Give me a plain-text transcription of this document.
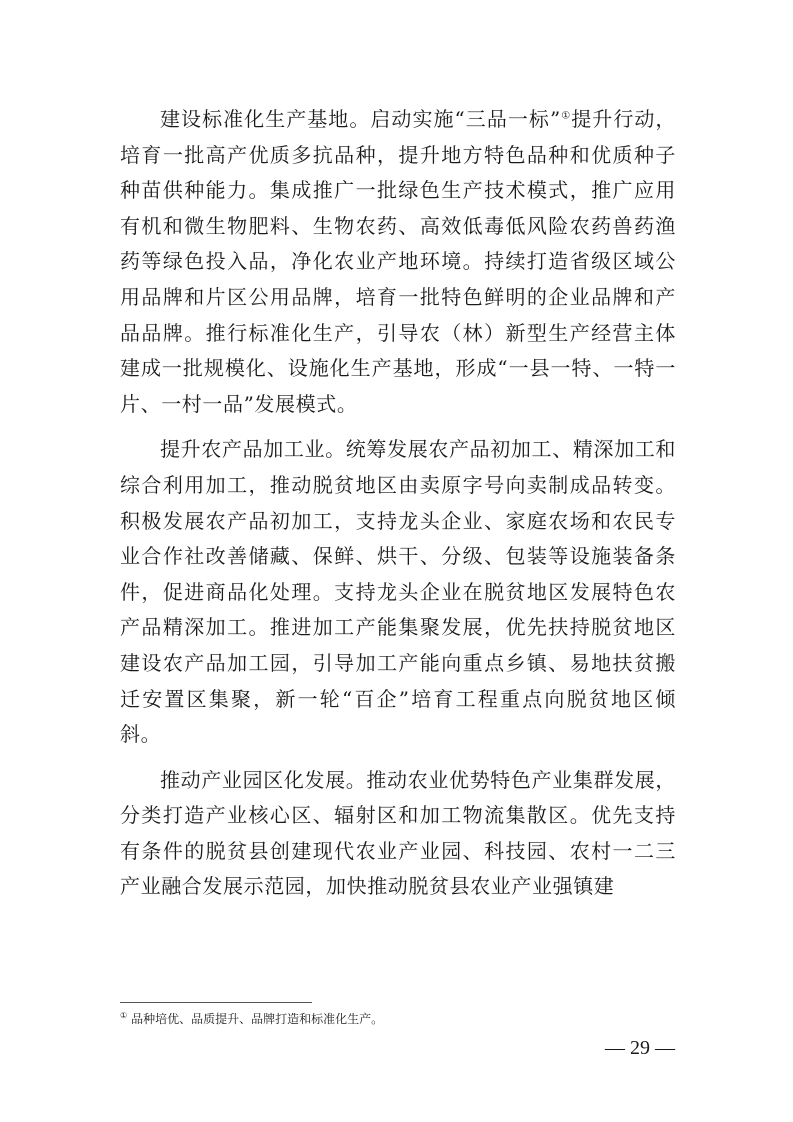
建设标准化生产基地。启动实施“三品一标”①提升行动，培育一批高产优质多抗品种，提升地方特色品种和优质种子种苗供种能力。集成推广一批绿色生产技术模式，推广应用有机和微生物肥料、生物农药、高效低毒低风险农药兽药渔药等绿色投入品，净化农业产地环境。持续打造省级区域公用品牌和片区公用品牌，培育一批特色鲜明的企业品牌和产品品牌。推行标准化生产，引导农（林）新型生产经营主体建成一批规模化、设施化生产基地，形成“一县一特、一特一片、一村一品”发展模式。

提升农产品加工业。统筹发展农产品初加工、精深加工和综合利用加工，推动脱贫地区由卖原字号向卖制成品转变。积极发展农产品初加工，支持龙头企业、家庭农场和农民专业合作社改善储藏、保鲜、烘干、分级、包装等设施装备条件，促进商品化处理。支持龙头企业在脱贫地区发展特色农产品精深加工。推进加工产能集聚发展，优先扶持脱贫地区建设农产品加工园，引导加工产能向重点乡镇、易地扶贫搬迁安置区集聚，新一轮“百企”培育工程重点向脱贫地区倾斜。

推动产业园区化发展。推动农业优势特色产业集群发展，分类打造产业核心区、辐射区和加工物流集散区。优先支持有条件的脱贫县创建现代农业产业园、科技园、农村一二三产业融合发展示范园，加快推动脱贫县农业产业强镇建

① 品种培优、品质提升、品牌打造和标准化生产。
— 29 —
